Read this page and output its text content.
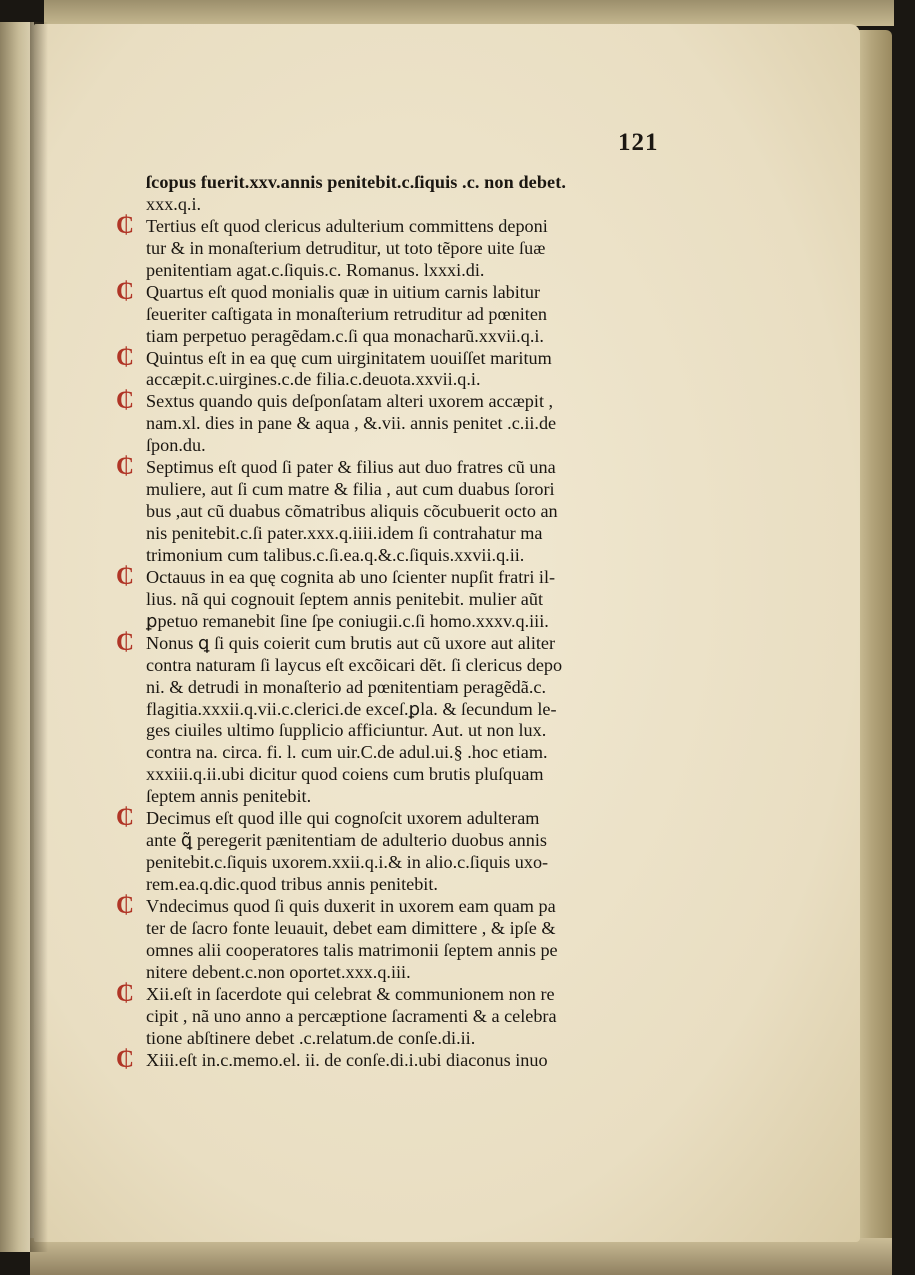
121
ſcopus fuerit.xxv.annis penitebit.c.ſiquis .c. non debet.
xxx.q.i.
₵ Tertius eſt quod clericus adulterium committens deponi
tur & in monaſterium detruditur, ut toto tẽpore uite ſuæ
penitentiam agat.c.ſiquis.c. Romanus. lxxxi.di.
₵ Quartus eſt quod monialis quæ in uitium carnis labitur
ſeueriter caſtigata in monaſterium retruditur ad pœniten
tiam perpetuo peragẽdam.c.ſi qua monacharũ.xxvii.q.i.
₵ Quintus eſt in ea quę cum uirginitatem uouiſſet maritum
accæpit.c.uirgines.c.de filia.c.deuota.xxvii.q.i.
₵ Sextus quando quis deſponſatam alteri uxorem accæpit ,
nam.xl. dies in pane & aqua , &.vii. annis penitet .c.ii.de
ſpon.du.
₵ Septimus eſt quod ſi pater & filius aut duo fratres cũ una
muliere, aut ſi cum matre & filia , aut cum duabus ſorori
bus ,aut cũ duabus cõmatribus aliquis cõcubuerit octo an
nis penitebit.c.ſi pater.xxx.q.iiii.idem ſi contrahatur ma
trimonium cum talibus.c.ſi.ea.q.&.c.ſiquis.xxvii.q.ii.
₵ Octauus in ea quę cognita ab uno ſcienter nupſit fratri il-
lius. nã qui cognouit ſeptem annis penitebit. mulier aũt
ꝑpetuo remanebit ſine ſpe coniugii.c.ſi homo.xxxv.q.iii.
₵ Nonus ꝗ ſi quis coierit cum brutis aut cũ uxore aut aliter
contra naturam ſi laycus eſt excõicari dẽt. ſi clericus depo
ni. & detrudi in monaſterio ad pœnitentiam peragẽdã.c.
flagitia.xxxii.q.vii.c.clerici.de exceſ.ꝑla. & ſecundum le-
ges ciuiles ultimo ſupplicio afficiuntur. Aut. ut non lux.
contra na. circa. fi. l. cum uir.C.de adul.ui.§ .hoc etiam.
xxxiii.q.ii.ubi dicitur quod coiens cum brutis pluſquam
ſeptem annis penitebit.
₵ Decimus eſt quod ille qui cognoſcit uxorem adulteram
ante ꝗ̃ peregerit pænitentiam de adulterio duobus annis
penitebit.c.ſiquis uxorem.xxii.q.i.& in alio.c.ſiquis uxo-
rem.ea.q.dic.quod tribus annis penitebit.
₵ Vndecimus quod ſi quis duxerit in uxorem eam quam pa
ter de ſacro fonte leuauit, debet eam dimittere , & ipſe &
omnes alii cooperatores talis matrimonii ſeptem annis pe
nitere debent.c.non oportet.xxx.q.iii.
₵ Xii.eſt in ſacerdote qui celebrat & communionem non re
cipit , nã uno anno a percæptione ſacramenti & a celebra
tione abſtinere debet .c.relatum.de conſe.di.ii.
₵ Xiii.eſt in.c.memo.el. ii. de conſe.di.i.ubi diaconus inuo
